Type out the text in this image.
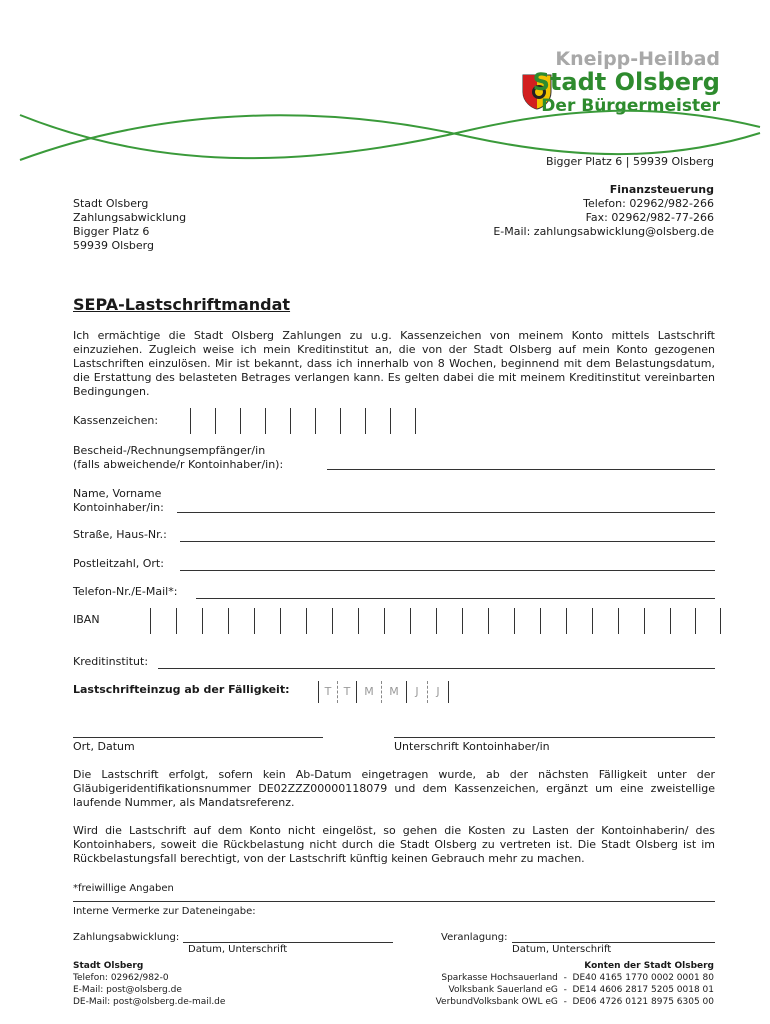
Kneipp-Heilbad
Stadt Olsberg
Der Bürgermeister
Bigger Platz 6 | 59939 Olsberg
Stadt Olsberg
Zahlungsabwicklung
Bigger Platz 6
59939 Olsberg
Finanzsteuerung
Telefon: 02962/982-266
Fax: 02962/982-77-266
E-Mail: zahlungsabwicklung@olsberg.de
SEPA-Lastschriftmandat

Ich ermächtige die Stadt Olsberg Zahlungen zu u.g. Kassenzeichen von meinem Konto mittels Lastschrift einzuziehen. Zugleich weise ich mein Kreditinstitut an, die von der Stadt Olsberg auf mein Konto gezogenen Lastschriften einzulösen. Mir ist bekannt, dass ich innerhalb von 8 Wochen, beginnend mit dem Belastungsdatum, die Erstattung des belasteten Betrages verlangen kann. Es gelten dabei die mit meinem Kreditinstitut vereinbarten Bedingungen.

Kassenzeichen:
Bescheid-/Rechnungsempfänger/in
(falls abweichende/r Kontoinhaber/in):
Name, Vorname
Kontoinhaber/in:
Straße, Haus-Nr.:
Postleitzahl, Ort:
Telefon-Nr./E-Mail*:
IBAN
Kreditinstitut:
Lastschrifteinzug ab der Fälligkeit:	T	T	M	M	J	J
Ort, Datum	Unterschrift Kontoinhaber/in

Die Lastschrift erfolgt, sofern kein Ab-Datum eingetragen wurde, ab der nächsten Fälligkeit unter der Gläubigeridentifikationsnummer DE02ZZZ00000118079 und dem Kassenzeichen, ergänzt um eine zweistellige laufende Nummer, als Mandatsreferenz.

Wird die Lastschrift auf dem Konto nicht eingelöst, so gehen die Kosten zu Lasten der Kontoinhaberin/ des Kontoinhabers, soweit die Rückbelastung nicht durch die Stadt Olsberg zu vertreten ist. Die Stadt Olsberg ist im Rückbelastungsfall berechtigt, von der Lastschrift künftig keinen Gebrauch mehr zu machen.

*freiwillige Angaben
Interne Vermerke zur Dateneingabe:
Zahlungsabwicklung:
Datum, Unterschrift
Veranlagung:
Datum, Unterschrift
Stadt Olsberg
Telefon: 02962/982-0
E-Mail: post@olsberg.de
DE-Mail: post@olsberg.de-mail.de
Konten der Stadt Olsberg
Sparkasse Hochsauerland  -  DE40 4165 1770 0002 0001 80
Volksbank Sauerland eG  -  DE14 4606 2817 5205 0018 01
VerbundVolksbank OWL eG  -  DE06 4726 0121 8975 6305 00
